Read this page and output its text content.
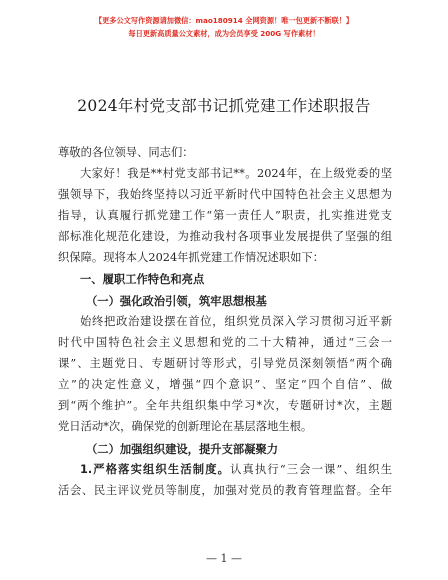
【更多公文写作资源请加微信：mao180914 全网资源！唯一包更新不断联！】
每日更新高质量公文素材，成为会员享受 200G 写作素材！
2024年村党支部书记抓党建工作述职报告
尊敬的各位领导、同志们：
大家好！我是**村党支部书记**。2024年，在上级党委的坚
强领导下，我始终坚持以习近平新时代中国特色社会主义思想为
指导，认真履行抓党建工作“第一责任人”职责，扎实推进党支
部标准化规范化建设，为推动我村各项事业发展提供了坚强的组
织保障。现将本人2024年抓党建工作情况述职如下：
一、履职工作特色和亮点
（一）强化政治引领，筑牢思想根基
始终把政治建设摆在首位，组织党员深入学习贯彻习近平新
时代中国特色社会主义思想和党的二十大精神，通过“三会一
课”、主题党日、专题研讨等形式，引导党员深刻领悟“两个确
立”的决定性意义，增强“四个意识”、坚定“四个自信”、做
到“两个维护”。全年共组织集中学习*次，专题研讨*次，主题
党日活动*次，确保党的创新理论在基层落地生根。
（二）加强组织建设，提升支部凝聚力
1.严格落实组织生活制度。认真执行“三会一课”、组织生
活会、民主评议党员等制度，加强对党员的教育管理监督。全年
— 1 —
